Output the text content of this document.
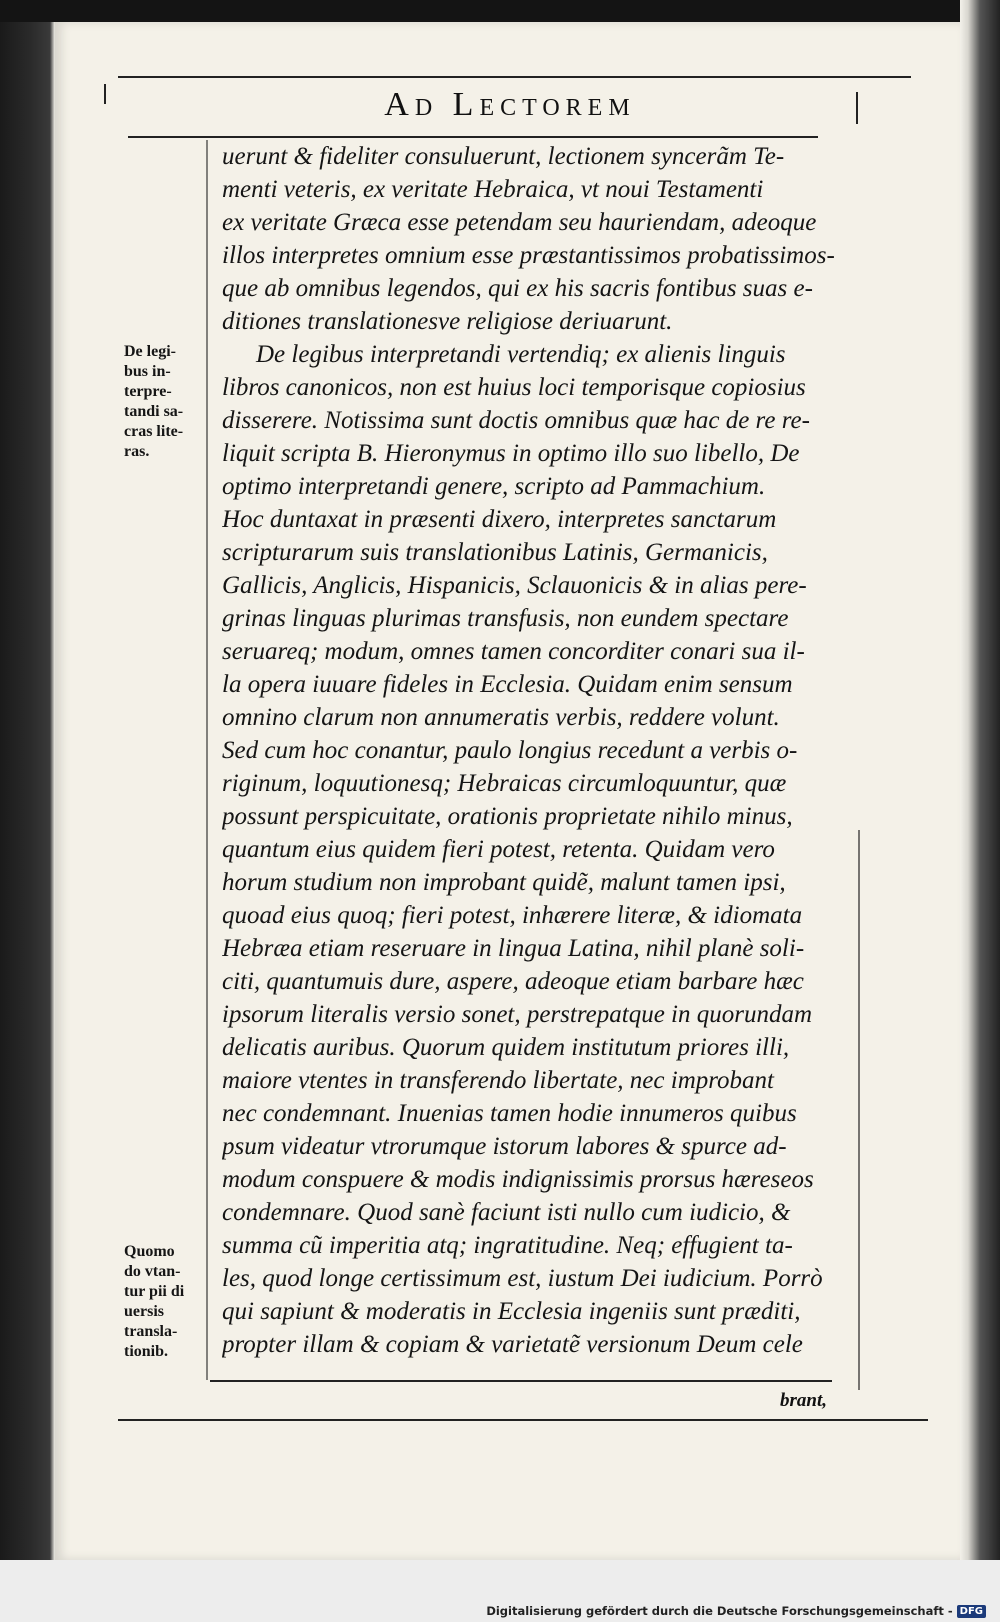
Ad Lectorem
De legi-
bus in-
terpre-
tandi sa-
cras lite-
ras.
Quomo
do vtan-
tur pii di
uersis
transla-
tionib.
uerunt & fideliter consuluerunt, lectionem syncerãm Te-
menti veteris, ex veritate Hebraica, vt noui Testamenti
ex veritate Græca esse petendam seu hauriendam, adeoque
illos interpretes omnium esse præstantissimos probatissimos-
que ab omnibus legendos, qui ex his sacris fontibus suas e-
ditiones translationesve religiose deriuarunt.
De legibus interpretandi vertendiq; ex alienis linguis
libros canonicos, non est huius loci temporisque copiosius
disserere. Notissima sunt doctis omnibus quæ hac de re re-
liquit scripta B. Hieronymus in optimo illo suo libello, De
optimo interpretandi genere, scripto ad Pammachium.
Hoc duntaxat in præsenti dixero, interpretes sanctarum
scripturarum suis translationibus Latinis, Germanicis,
Gallicis, Anglicis, Hispanicis, Sclauonicis & in alias pere-
grinas linguas plurimas transfusis, non eundem spectare
seruareq; modum, omnes tamen concorditer conari sua il-
la opera iuuare fideles in Ecclesia. Quidam enim sensum
omnino clarum non annumeratis verbis, reddere volunt.
Sed cum hoc conantur, paulo longius recedunt a verbis o-
riginum, loquutionesq; Hebraicas circumloquuntur, quæ
possunt perspicuitate, orationis proprietate nihilo minus,
quantum eius quidem fieri potest, retenta. Quidam vero
horum studium non improbant quidẽ, malunt tamen ipsi,
quoad eius quoq; fieri potest, inhærere literæ, & idiomata
Hebræa etiam reseruare in lingua Latina, nihil planè soli-
citi, quantumuis dure, aspere, adeoque etiam barbare hæc
ipsorum literalis versio sonet, perstrepatque in quorundam
delicatis auribus. Quorum quidem institutum priores illi,
maiore vtentes in transferendo libertate, nec improbant
nec condemnant. Inuenias tamen hodie innumeros quibus
psum videatur vtrorumque istorum labores & spurce ad-
modum conspuere & modis indignissimis prorsus hæreseos
condemnare. Quod sanè faciunt isti nullo cum iudicio, &
summa cũ imperitia atq; ingratitudine. Neq; effugient ta-
les, quod longe certissimum est, iustum Dei iudicium. Porrò
qui sapiunt & moderatis in Ecclesia ingeniis sunt præditi,
propter illam & copiam & varietatẽ versionum Deum cele
brant,
Digitalisierung gefördert durch die Deutsche Forschungsgemeinschaft - DFG
